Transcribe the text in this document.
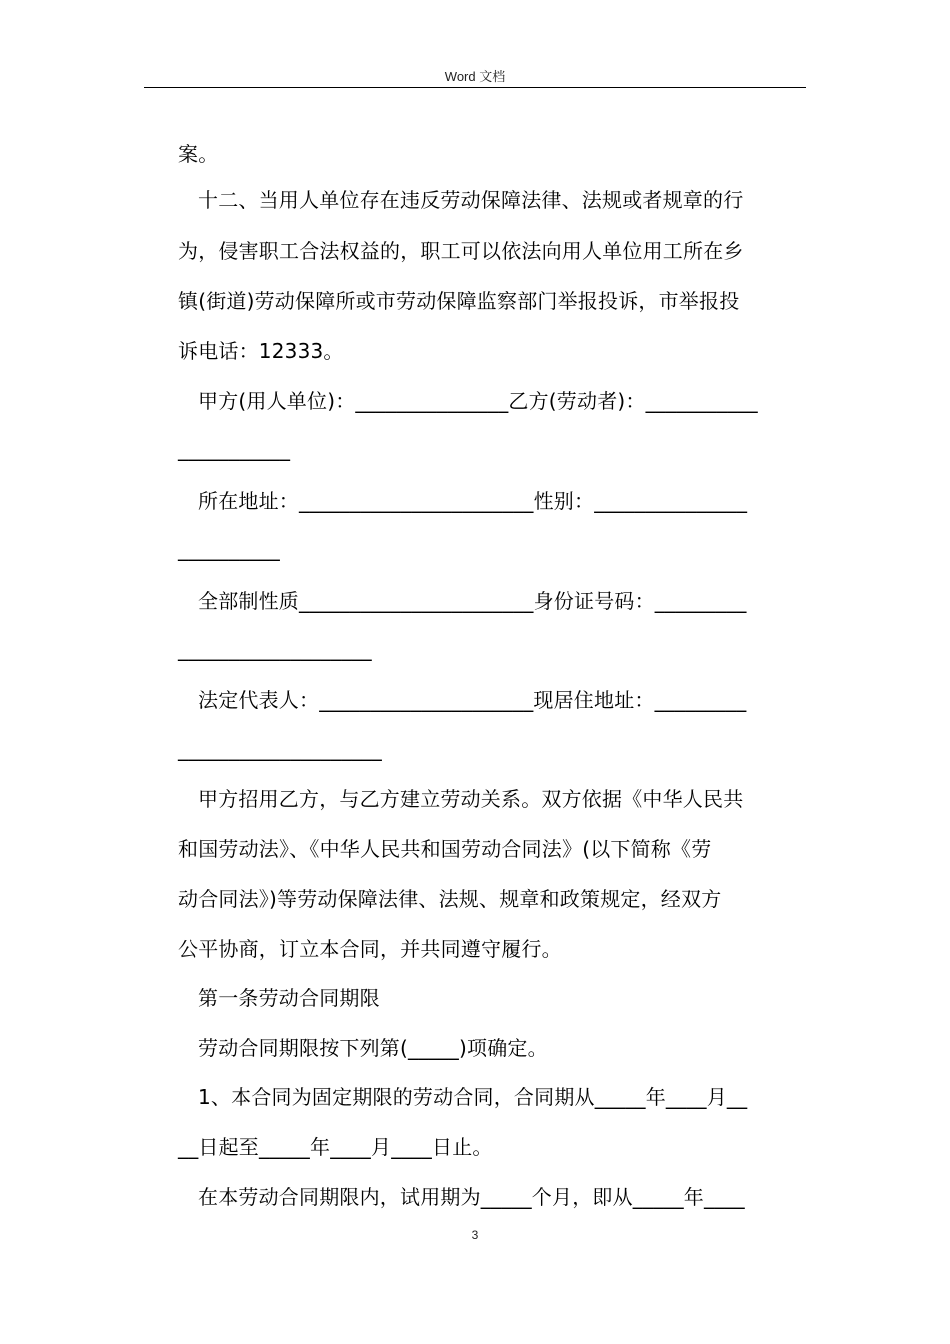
Word 文档
案。
十二、当用人单位存在违反劳动保障法律、法规或者规章的行
为，侵害职工合法权益的，职工可以依法向用人单位用工所在乡
镇(街道)劳动保障所或市劳动保障监察部门举报投诉，市举报投
诉电话：12333。
甲方(用人单位)：_______________乙方(劳动者)：___________
___________
所在地址：_______________________性别：_______________
__________
全部制性质_______________________身份证号码：_________
___________________
法定代表人：_____________________现居住地址：_________
____________________
甲方招用乙方，与乙方建立劳动关系。双方依据《中华人民共
和国劳动法》、《中华人民共和国劳动合同法》(以下简称《劳
动合同法》)等劳动保障法律、法规、规章和政策规定，经双方
公平协商，订立本合同，并共同遵守履行。
第一条劳动合同期限
劳动合同期限按下列第(_____)项确定。
1、本合同为固定期限的劳动合同，合同期从_____年____月__
__日起至_____年____月____日止。
在本劳动合同期限内，试用期为_____个月，即从_____年____
3
